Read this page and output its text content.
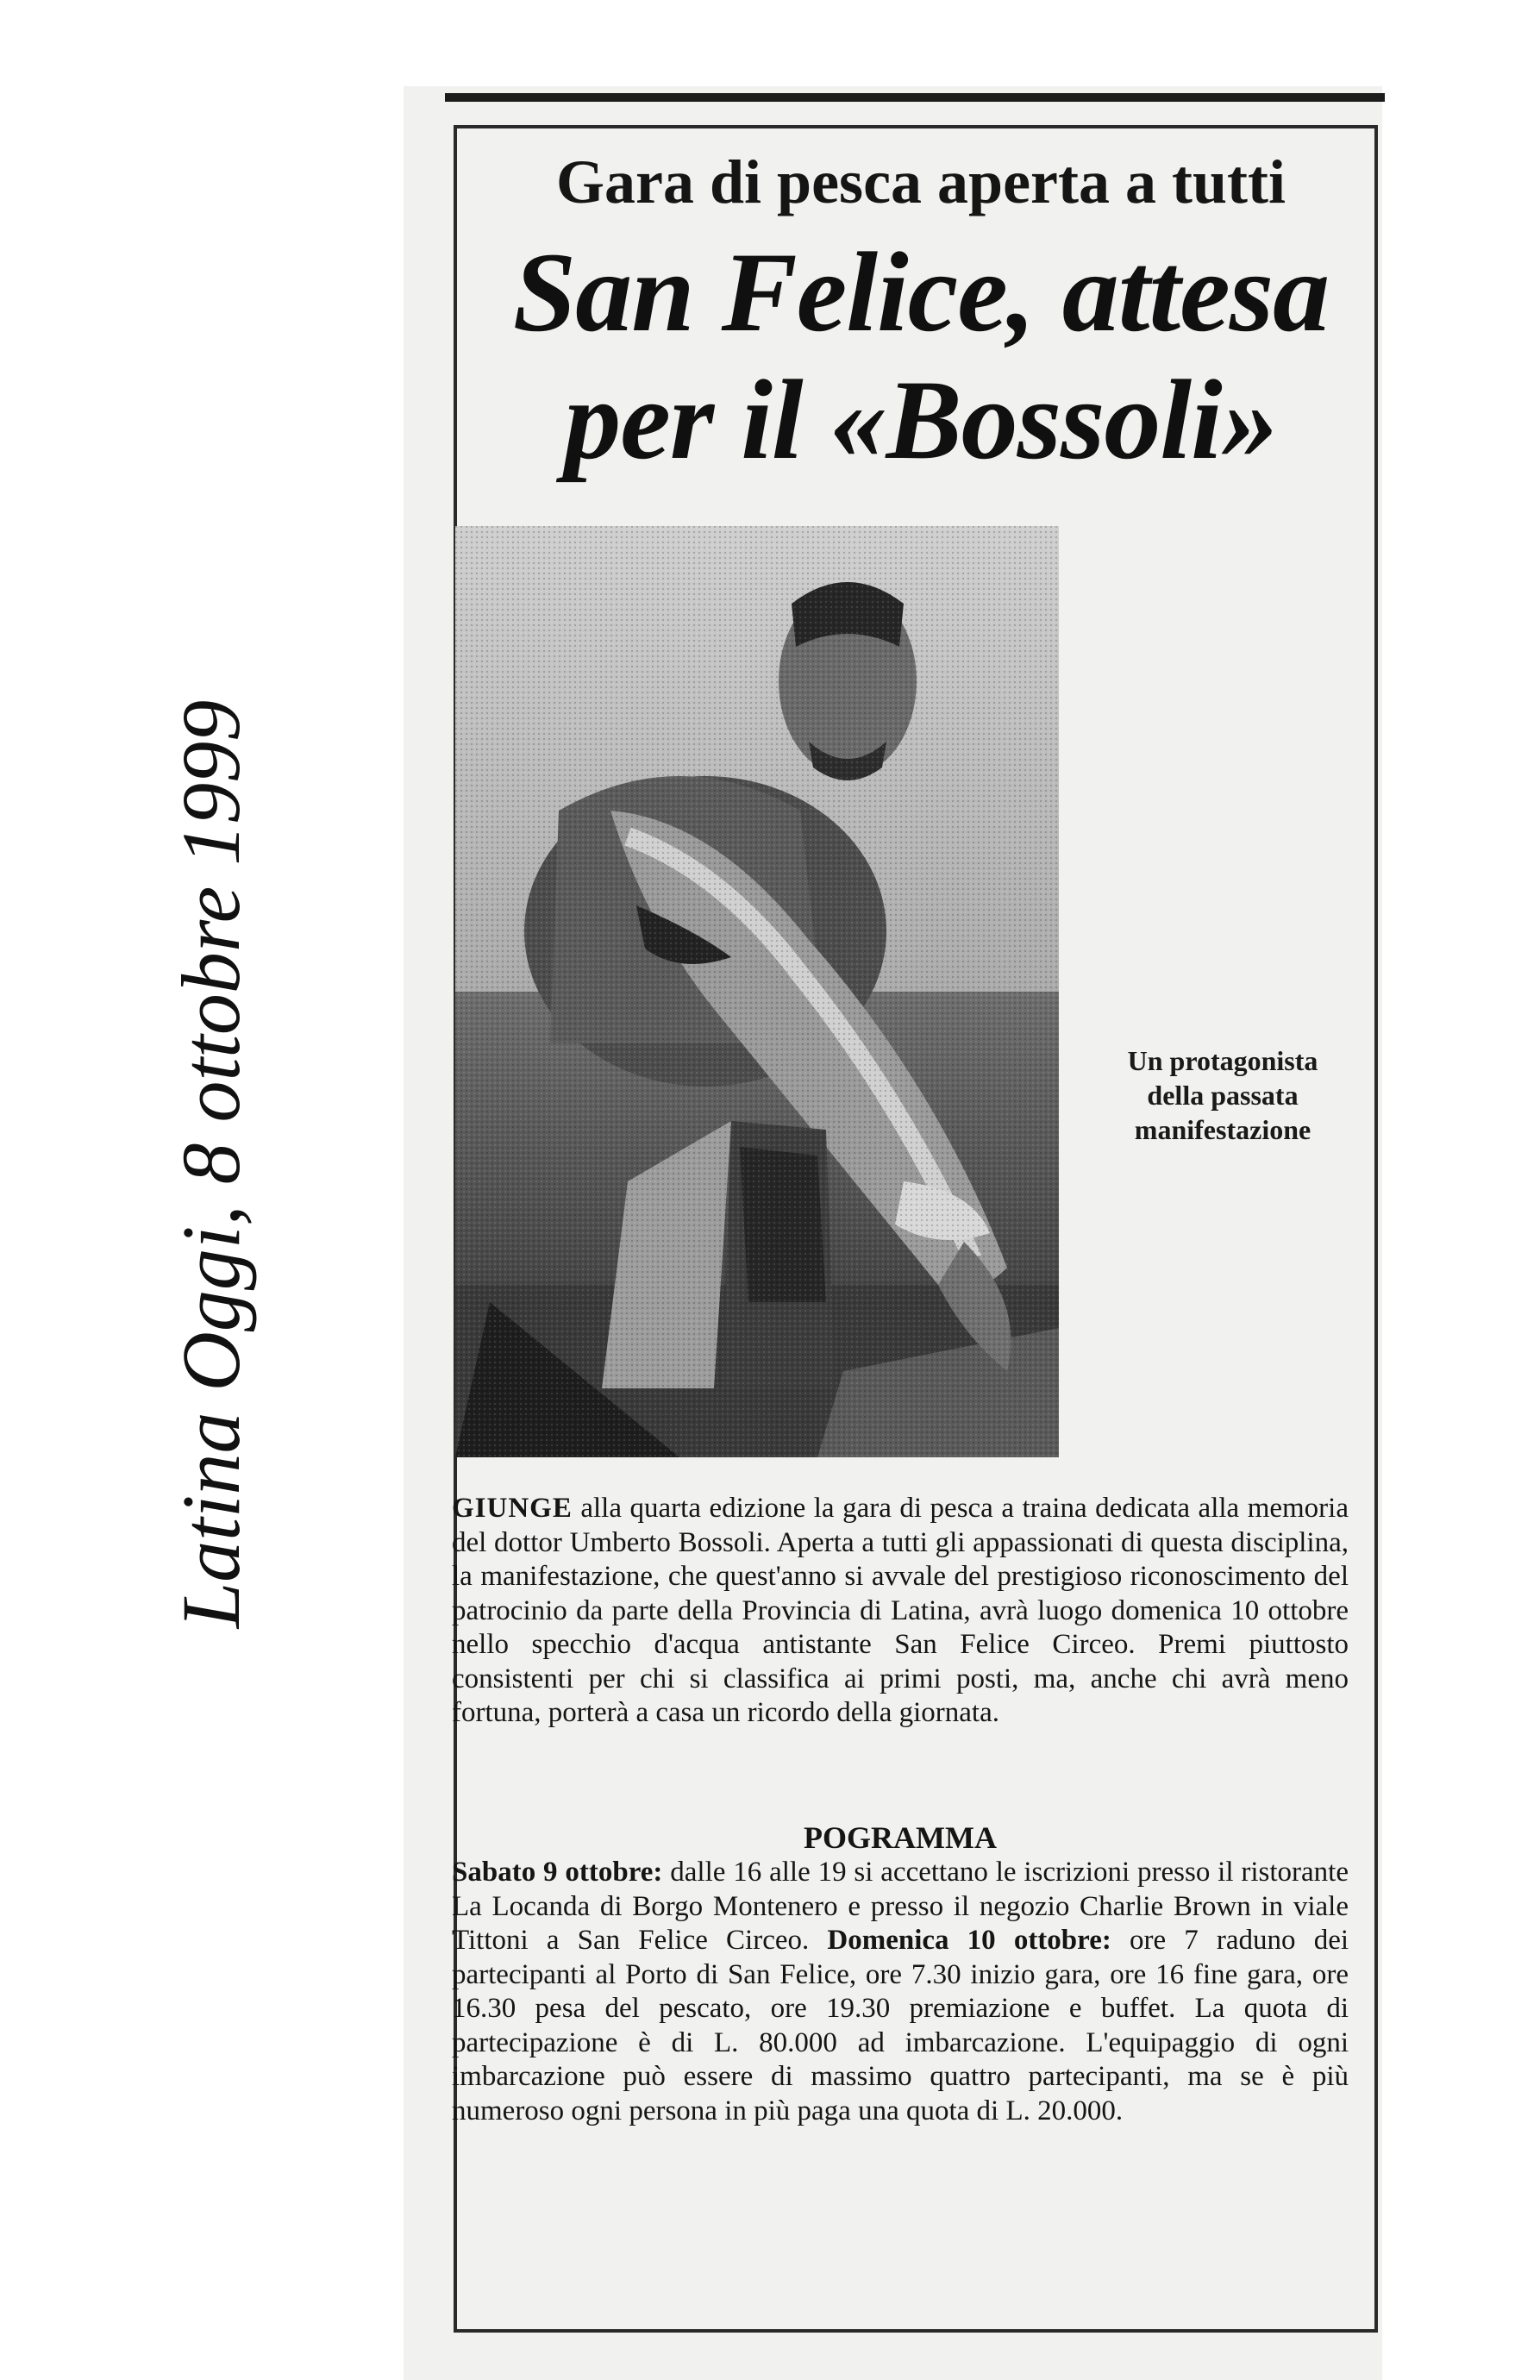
Latina Oggi, 8 ottobre 1999
Gara di pesca aperta a tutti
San Felice, attesa
per il «Bossoli»
Un protagonista
della passata
manifestazione
GIUNGE alla quarta edizione la gara di pesca a traina dedicata alla memoria del dottor Umberto Bossoli. Aperta a tutti gli appassionati di questa disciplina, la manifestazione, che quest'anno si avvale del prestigioso riconoscimento del patrocinio da parte della Provincia di Latina, avrà luogo domenica 10 ottobre nello specchio d'acqua antistante San Felice Circeo. Premi piuttosto consistenti per chi si classifica ai primi posti, ma, anche chi avrà meno fortuna, porterà a casa un ricordo della giornata.
POGRAMMA
Sabato 9 ottobre: dalle 16 alle 19 si accettano le iscrizioni presso il ristorante La Locanda di Borgo Montenero e presso il negozio Charlie Brown in viale Tittoni a San Felice Circeo. Domenica 10 ottobre: ore 7 raduno dei partecipanti al Porto di San Felice, ore 7.30 inizio gara, ore 16 fine gara, ore 16.30 pesa del pescato, ore 19.30 premiazione e buffet. La quota di partecipazione è di L. 80.000 ad imbarcazione. L'equipaggio di ogni imbarcazione può essere di massimo quattro partecipanti, ma se è più numeroso ogni persona in più paga una quota di L. 20.000.
